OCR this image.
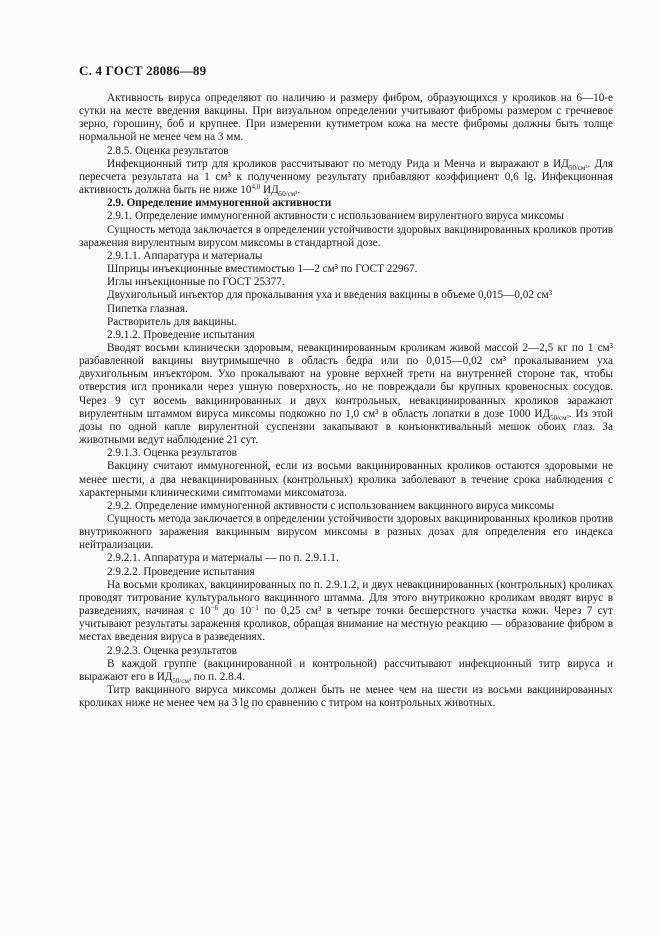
С. 4 ГОСТ 28086—89

Активность вируса определяют по наличию и размеру фибром, образующихся у кроликов на 6—10-е сутки на месте введения вакцины. При визуальном определении учитывают фибромы размером с гречневое зерно, горошину, боб и крупнее. При измерении кутиметром кожа на месте фибромы должны быть толще нормальной не менее чем на 3 мм.

2.8.5. Оценка результатов

Инфекционный титр для кроликов рассчитывают по методу Рида и Менча и выражают в $ИД_{50/см^3}$. Для пересчета результата на 1 см³ к полученному результату прибавляют коэффициент 0,6 lg. Инфекционная активность должна быть не ниже 10$^{4,0}$ $ИД_{50/см^3}$.

2.9. Определение иммуногенной активности

2.9.1. Определение иммуногенной активности с использованием вирулентного вируса миксомы

Сущность метода заключается в определении устойчивости здоровых вакцинированных кроликов против заражения вирулентным вирусом миксомы в стандартной дозе.

2.9.1.1. Аппаратура и материалы

Шприцы инъекционные вместимостью 1—2 см³ по ГОСТ 22967.

Иглы инъекционные по ГОСТ 25377.

Двухигольный инъектор для прокалывания уха и введения вакцины в объеме 0,015—0,02 см³

Пипетка глазная.

Растворитель для вакцины.

2.9.1.2. Проведение испытания

Вводят восьми клинически здоровым, невакцинированным кроликам живой массой 2—2,5 кг по 1 см³ разбавленной вакцины внутримышечно в область бедра или по 0,015—0,02 см³ прокалыванием уха двухигольным инъектором. Ухо прокалывают на уровне верхней трети на внутренней стороне так, чтобы отверстия игл проникали через ушную поверхность, но не повреждали бы крупных кровеносных сосудов. Через 9 сут восемь вакцинированных и двух контрольных, невакцинированных кроликов заражают вирулентным штаммом вируса миксомы подкожно по 1,0 см³ в область лопатки в дозе 1000 $ИД_{50/см^3}$. Из этой дозы по одной капле вирулентной суспензии закапывают в конъюнктивальный мешок обоих глаз. За животными ведут наблюдение 21 сут.

2.9.1.3. Оценка результатов

Вакцину считают иммуногенной, если из восьми вакцинированных кроликов остаются здоровыми не менее шести, а два невакцинированных (контрольных) кролика заболевают в течение срока наблюдения с характерными клиническими симптомами миксоматоза.

2.9.2. Определение иммуногенной активности с использованием вакцинного вируса миксомы

Сущность метода заключается в определении устойчивости здоровых вакцинированных кроликов против внутрикожного заражения вакцинным вирусом миксомы в разных дозах для определения его индекса нейтрализации.

2.9.2.1. Аппаратура и материалы — по п. 2.9.1.1.

2.9.2.2. Проведение испытания

На восьми кроликах, вакцинированных по п. 2.9.1.2, и двух невакцинированных (контрольных) кроликах проводят титрование культурального вакцинного штамма. Для этого внутрикожно кроликам вводят вирус в разведениях, начиная с $10^{-6}$ до $10^{-1}$ по 0,25 см³ в четыре точки бесшерстного участка кожи. Через 7 сут учитывают результаты заражения кроликов, обращая внимание на местную реакцию — образование фибром в местах введения вируса в разведениях.

2.9.2.3. Оценка результатов

В каждой группе (вакцинированной и контрольной) рассчитывают инфекционный титр вируса и выражают его в $ИД_{50/см^3}$ по п. 2.8.4.

Титр вакцинного вируса миксомы должен быть не менее чем на шести из восьми вакцинированных кроликах ниже не менее чем на 3 lg по сравнению с титром на контрольных животных.
